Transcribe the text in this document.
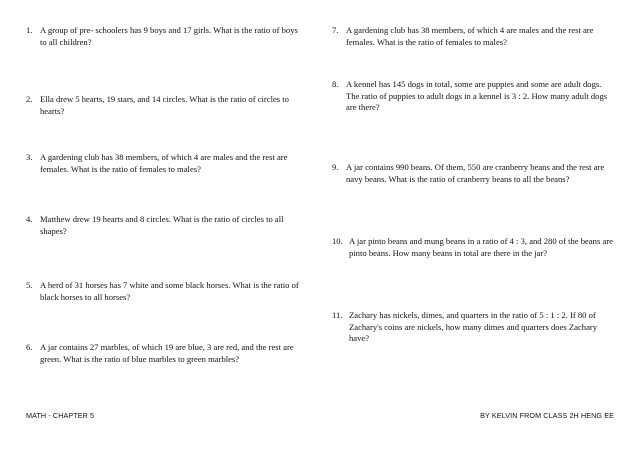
1. A group of pre- schoolers has 9 boys and 17 girls. What is the ratio of boys to all children?
2. Ella drew 5 hearts, 19 stars, and 14 circles. What is the ratio of circles to hearts?
3. A gardening club has 38 members, of which 4 are males and the rest are females. What is the ratio of females to males?
4. Matthew drew 19 hearts and 8 circles. What is the ratio of circles to all shapes?
5. A herd of 31 horses has 7 white and some black horses. What is the ratio of black horses to all horses?
6. A jar contains 27 marbles, of which 19 are blue, 3 are red, and the rest are green. What is the ratio of blue marbles to green marbles?
7. A gardening club has 38 members, of which 4 are males and the rest are females. What is the ratio of females to males?
8. A kennel has 145 dogs in total, some are puppies and some are adult dogs. The ratio of puppies to adult dogs in a kennel is 3 : 2. How many adult dogs are there?
9. A jar contains 990 beans. Of them, 550 are cranberry beans and the rest are navy beans. What is the ratio of cranberry beans to all the beans?
10. A jar pinto beans and mung beans in a ratio of 4 : 3, and 280 of the beans are pinto beans. How many beans in total are there in the jar?
11. Zachary has nickels, dimes, and quarters in the ratio of 5 : 1 : 2. If 80 of Zachary's coins are nickels, how many dimes and quarters does Zachary have?
MATH - CHAPTER 5	BY KELVIN FROM CLASS 2H HENG EE
